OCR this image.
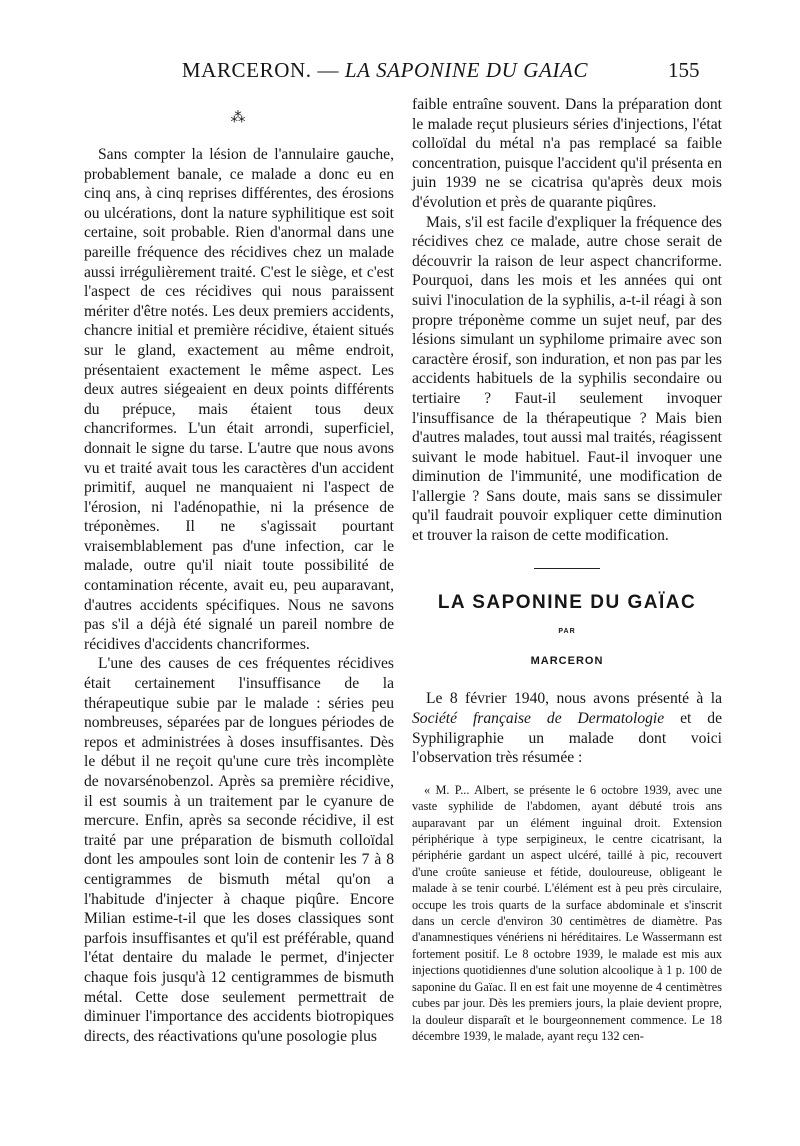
MARCERON. — LA SAPONINE DU GAIAC	155
⁂

Sans compter la lésion de l'annulaire gauche, probablement banale, ce malade a donc eu en cinq ans, à cinq reprises différentes, des érosions ou ulcérations, dont la nature syphilitique est soit certaine, soit probable. Rien d'anormal dans une pareille fréquence des récidives chez un malade aussi irrégulièrement traité. C'est le siège, et c'est l'aspect de ces récidives qui nous paraissent mériter d'être notés. Les deux premiers accidents, chancre initial et première récidive, étaient situés sur le gland, exactement au même endroit, présentaient exactement le même aspect. Les deux autres siégeaient en deux points différents du prépuce, mais étaient tous deux chancriformes. L'un était arrondi, superficiel, donnait le signe du tarse. L'autre que nous avons vu et traité avait tous les caractères d'un accident primitif, auquel ne manquaient ni l'aspect de l'érosion, ni l'adénopathie, ni la présence de tréponèmes. Il ne s'agissait pourtant vraisemblablement pas d'une infection, car le malade, outre qu'il niait toute possibilité de contamination récente, avait eu, peu auparavant, d'autres accidents spécifiques. Nous ne savons pas s'il a déjà été signalé un pareil nombre de récidives d'accidents chancriformes.

L'une des causes de ces fréquentes récidives était certainement l'insuffisance de la thérapeutique subie par le malade : séries peu nombreuses, séparées par de longues périodes de repos et administrées à doses insuffisantes. Dès le début il ne reçoit qu'une cure très incomplète de novarsénobenzol. Après sa première récidive, il est soumis à un traitement par le cyanure de mercure. Enfin, après sa seconde récidive, il est traité par une préparation de bismuth colloïdal dont les ampoules sont loin de contenir les 7 à 8 centigrammes de bismuth métal qu'on a l'habitude d'injecter à chaque piqûre. Encore Milian estime-t-il que les doses classiques sont parfois insuffisantes et qu'il est préférable, quand l'état dentaire du malade le permet, d'injecter chaque fois jusqu'à 12 centigrammes de bismuth métal. Cette dose seulement permettrait de diminuer l'importance des accidents biotropiques directs, des réactivations qu'une posologie plus

faible entraîne souvent. Dans la préparation dont le malade reçut plusieurs séries d'injections, l'état colloïdal du métal n'a pas remplacé sa faible concentration, puisque l'accident qu'il présenta en juin 1939 ne se cicatrisa qu'après deux mois d'évolution et près de quarante piqûres.

Mais, s'il est facile d'expliquer la fréquence des récidives chez ce malade, autre chose serait de découvrir la raison de leur aspect chancriforme. Pourquoi, dans les mois et les années qui ont suivi l'inoculation de la syphilis, a-t-il réagi à son propre tréponème comme un sujet neuf, par des lésions simulant un syphilome primaire avec son caractère érosif, son induration, et non pas par les accidents habituels de la syphilis secondaire ou tertiaire ? Faut-il seulement invoquer l'insuffisance de la thérapeutique ? Mais bien d'autres malades, tout aussi mal traités, réagissent suivant le mode habituel. Faut-il invoquer une diminution de l'immunité, une modification de l'allergie ? Sans doute, mais sans se dissimuler qu'il faudrait pouvoir expliquer cette diminution et trouver la raison de cette modification.

LA SAPONINE DU GAÏAC
PAR
MARCERON

Le 8 février 1940, nous avons présenté à la Société française de Dermatologie et de Syphiligraphie un malade dont voici l'observation très résumée :

« M. P... Albert, se présente le 6 octobre 1939, avec une vaste syphilide de l'abdomen, ayant débuté trois ans auparavant par un élément inguinal droit. Extension périphérique à type serpigineux, le centre cicatrisant, la périphérie gardant un aspect ulcéré, taillé à pic, recouvert d'une croûte sanieuse et fétide, douloureuse, obligeant le malade à se tenir courbé. L'élément est à peu près circulaire, occupe les trois quarts de la surface abdominale et s'inscrit dans un cercle d'environ 30 centimètres de diamètre. Pas d'anamnestiques vénériens ni héréditaires. Le Wassermann est fortement positif. Le 8 octobre 1939, le malade est mis aux injections quotidiennes d'une solution alcoolique à 1 p. 100 de saponine du Gaïac. Il en est fait une moyenne de 4 centimètres cubes par jour. Dès les premiers jours, la plaie devient propre, la douleur disparaît et le bourgeonnement commence. Le 18 décembre 1939, le malade, ayant reçu 132 cen-
